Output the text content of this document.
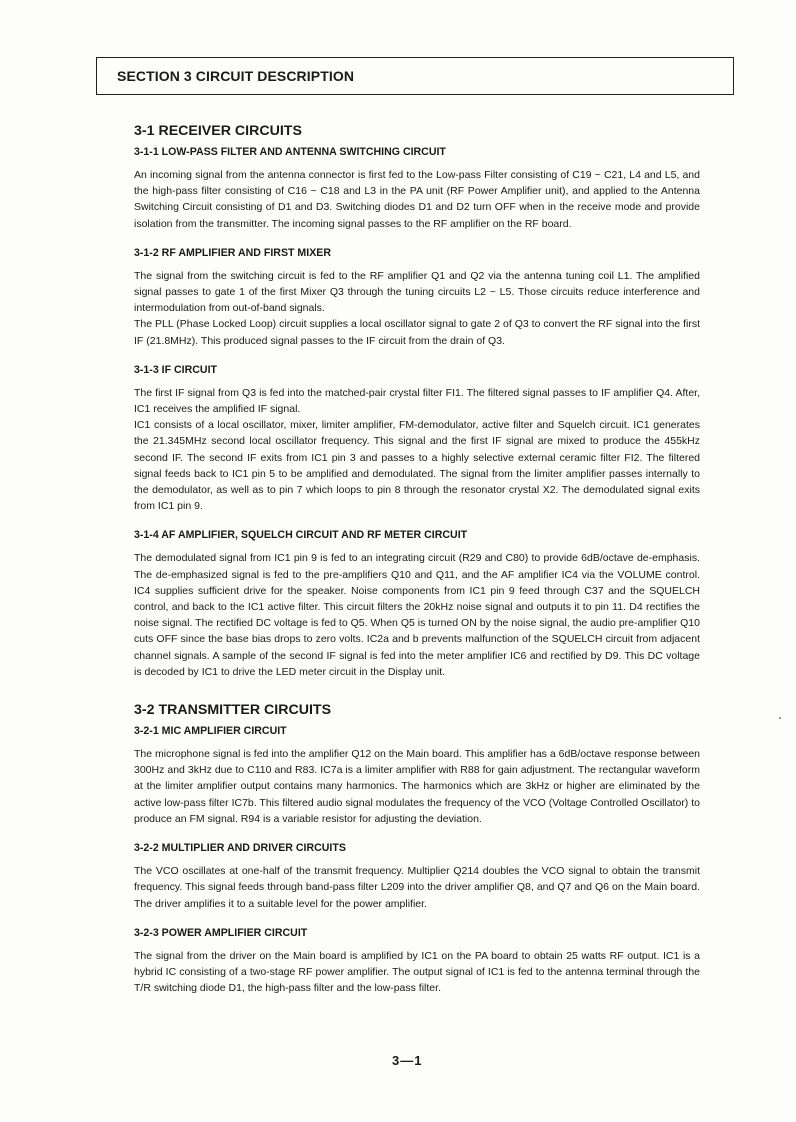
SECTION 3 CIRCUIT DESCRIPTION
3-1 RECEIVER CIRCUITS
3-1-1 LOW-PASS FILTER AND ANTENNA SWITCHING CIRCUIT

An incoming signal from the antenna connector is first fed to the Low-pass Filter consisting of C19 ~ C21, L4 and L5, and the high-pass filter consisting of C16 ~ C18 and L3 in the PA unit (RF Power Amplifier unit), and applied to the Antenna Switching Circuit consisting of D1 and D3. Switching diodes D1 and D2 turn OFF when in the receive mode and provide isolation from the transmitter. The incoming signal passes to the RF amplifier on the RF board.

3-1-2 RF AMPLIFIER AND FIRST MIXER

The signal from the switching circuit is fed to the RF amplifier Q1 and Q2 via the antenna tuning coil L1. The amplified signal passes to gate 1 of the first Mixer Q3 through the tuning circuits L2 ~ L5. Those circuits reduce interference and intermodulation from out-of-band signals.

The PLL (Phase Locked Loop) circuit supplies a local oscillator signal to gate 2 of Q3 to convert the RF signal into the first IF (21.8MHz). This produced signal passes to the IF circuit from the drain of Q3.

3-1-3 IF CIRCUIT

The first IF signal from Q3 is fed into the matched-pair crystal filter FI1. The filtered signal passes to IF amplifier Q4. After, IC1 receives the amplified IF signal.

IC1 consists of a local oscillator, mixer, limiter amplifier, FM-demodulator, active filter and Squelch circuit. IC1 generates the 21.345MHz second local oscillator frequency. This signal and the first IF signal are mixed to produce the 455kHz second IF. The second IF exits from IC1 pin 3 and passes to a highly selective external ceramic filter FI2. The filtered signal feeds back to IC1 pin 5 to be amplified and demodulated. The signal from the limiter amplifier passes internally to the demodulator, as well as to pin 7 which loops to pin 8 through the resonator crystal X2. The demodulated signal exits from IC1 pin 9.

3-1-4 AF AMPLIFIER, SQUELCH CIRCUIT AND RF METER CIRCUIT

The demodulated signal from IC1 pin 9 is fed to an integrating circuit (R29 and C80) to provide 6dB/octave de-emphasis. The de-emphasized signal is fed to the pre-amplifiers Q10 and Q11, and the AF amplifier IC4 via the VOLUME control. IC4 supplies sufficient drive for the speaker. Noise components from IC1 pin 9 feed through C37 and the SQUELCH control, and back to the IC1 active filter. This circuit filters the 20kHz noise signal and outputs it to pin 11. D4 rectifies the noise signal. The rectified DC voltage is fed to Q5. When Q5 is turned ON by the noise signal, the audio pre-amplifier Q10 cuts OFF since the base bias drops to zero volts. IC2a and b prevents malfunction of the SQUELCH circuit from adjacent channel signals. A sample of the second IF signal is fed into the meter amplifier IC6 and rectified by D9. This DC voltage is decoded by IC1 to drive the LED meter circuit in the Display unit.

3-2 TRANSMITTER CIRCUITS
3-2-1 MIC AMPLIFIER CIRCUIT

The microphone signal is fed into the amplifier Q12 on the Main board. This amplifier has a 6dB/octave response between 300Hz and 3kHz due to C110 and R83. IC7a is a limiter amplifier with R88 for gain adjustment. The rectangular waveform at the limiter amplifier output contains many harmonics. The harmonics which are 3kHz or higher are eliminated by the active low-pass filter IC7b. This filtered audio signal modulates the frequency of the VCO (Voltage Controlled Oscillator) to produce an FM signal. R94 is a variable resistor for adjusting the deviation.

3-2-2 MULTIPLIER AND DRIVER CIRCUITS

The VCO oscillates at one-half of the transmit frequency. Multiplier Q214 doubles the VCO signal to obtain the transmit frequency. This signal feeds through band-pass filter L209 into the driver amplifier Q8, and Q7 and Q6 on the Main board. The driver amplifies it to a suitable level for the power amplifier.

3-2-3 POWER AMPLIFIER CIRCUIT

The signal from the driver on the Main board is amplified by IC1 on the PA board to obtain 25 watts RF output. IC1 is a hybrid IC consisting of a two-stage RF power amplifier. The output signal of IC1 is fed to the antenna terminal through the T/R switching diode D1, the high-pass filter and the low-pass filter.

3—1
